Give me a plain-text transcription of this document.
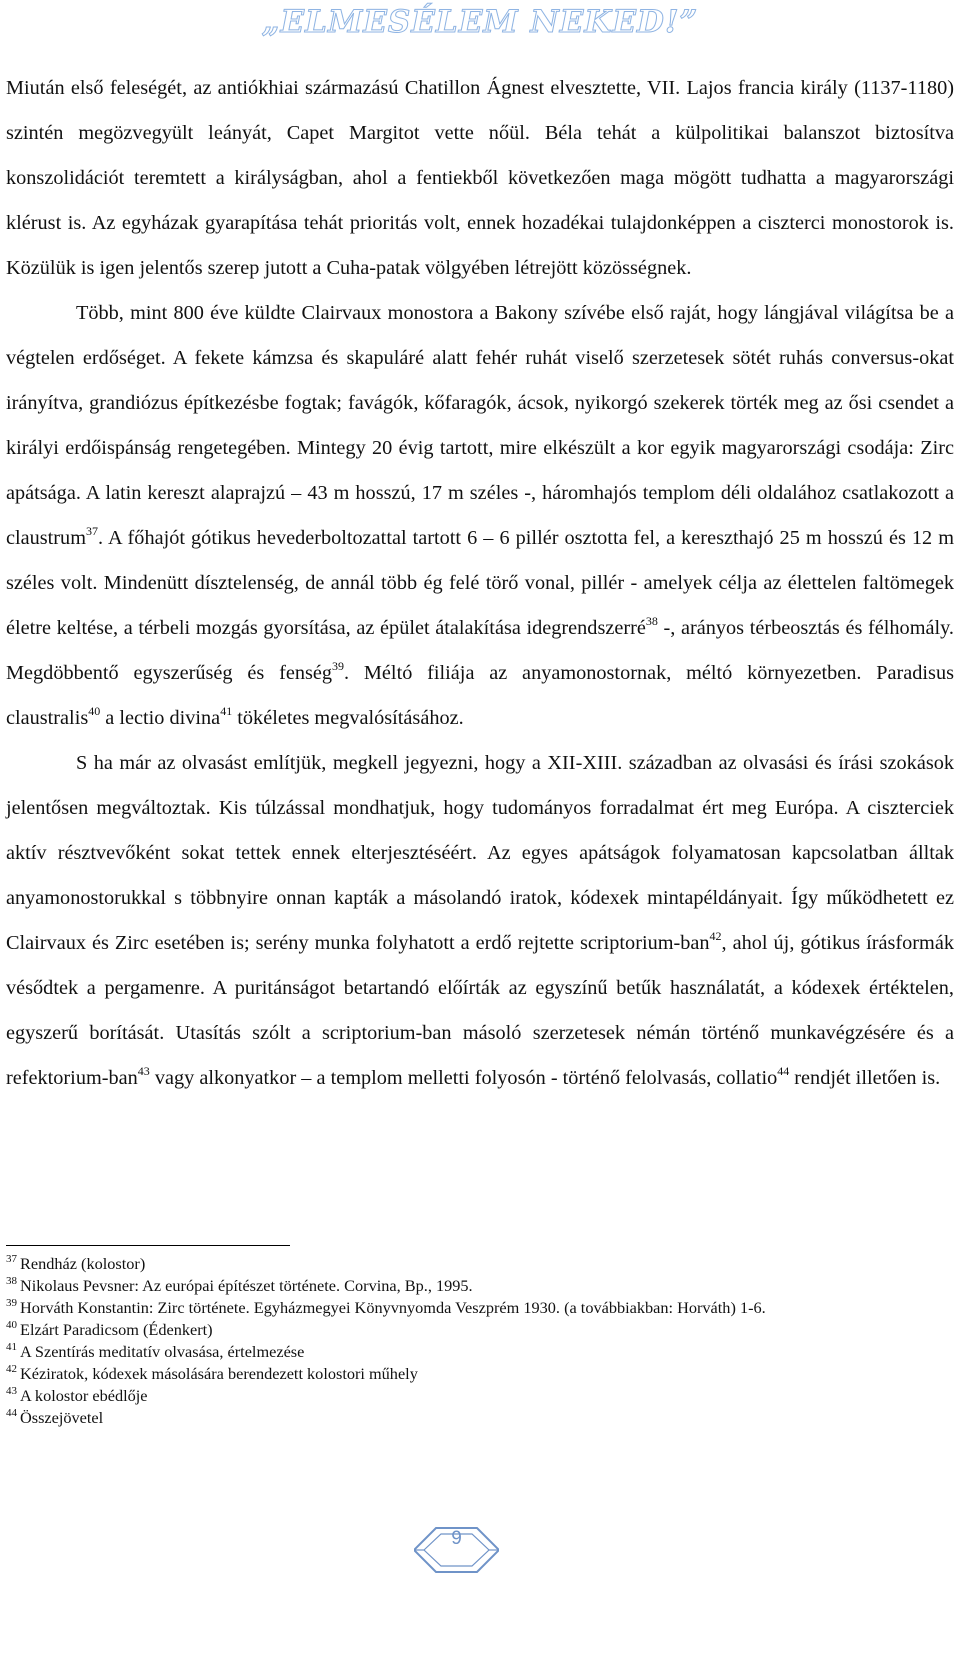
„ELMESÉLEM NEKED!”

Miután első feleségét, az antiókhiai származású Chatillon Ágnest elvesztette, VII. Lajos francia király (1137-1180) szintén megözvegyült leányát, Capet Margitot vette nőül. Béla tehát a külpolitikai balanszot biztosítva konszolidációt teremtett a királyságban, ahol a fentiekből következően maga mögött tudhatta a magyarországi klérust is. Az egyházak gyarapítása tehát prioritás volt, ennek hozadékai tulajdonképpen a ciszterci monostorok is. Közülük is igen jelentős szerep jutott a Cuha-patak völgyében létrejött közösségnek.

Több, mint 800 éve küldte Clairvaux monostora a Bakony szívébe első raját, hogy lángjával világítsa be a végtelen erdőséget. A fekete kámzsa és skapuláré alatt fehér ruhát viselő szerzetesek sötét ruhás conversus-okat irányítva, grandiózus építkezésbe fogtak; favágók, kőfaragók, ácsok, nyikorgó szekerek törték meg az ősi csendet a királyi erdőispánság rengetegében. Mintegy 20 évig tartott, mire elkészült a kor egyik magyarországi csodája: Zirc apátsága. A latin kereszt alaprajzú – 43 m hosszú, 17 m széles -, háromhajós templom déli oldalához csatlakozott a claustrum$^{37}$. A főhajót gótikus hevederboltozattal tartott 6 – 6 pillér osztotta fel, a kereszthajó 25 m hosszú és 12 m széles volt. Mindenütt dísztelenség, de annál több ég felé törő vonal, pillér - amelyek célja az élettelen faltömegek életre keltése, a térbeli mozgás gyorsítása, az épület átalakítása idegrendszerré$^{38}$ -, arányos térbeosztás és félhomály. Megdöbbentő egyszerűség és fenség$^{39}$. Méltó filiája az anyamonostornak, méltó környezetben. Paradisus claustralis$^{40}$ a lectio divina$^{41}$ tökéletes megvalósításához.

S ha már az olvasást említjük, megkell jegyezni, hogy a XII-XIII. században az olvasási és írási szokások jelentősen megváltoztak. Kis túlzással mondhatjuk, hogy tudományos forradalmat ért meg Európa. A ciszterciek aktív résztvevőként sokat tettek ennek elterjesztéséért. Az egyes apátságok folyamatosan kapcsolatban álltak anyamonostorukkal s többnyire onnan kapták a másolandó iratok, kódexek mintapéldányait. Így működhetett ez Clairvaux és Zirc esetében is; serény munka folyhatott a erdő rejtette scriptorium-ban$^{42}$, ahol új, gótikus írásformák vésődtek a pergamenre. A puritánságot betartandó előírták az egyszínű betűk használatát, a kódexek értéktelen, egyszerű borítását. Utasítás szólt a scriptorium-ban másoló szerzetesek némán történő munkavégzésére és a refektorium-ban$^{43}$ vagy alkonyatkor – a templom melletti folyosón - történő felolvasás, collatio$^{44}$ rendjét illetően is.

$^{37}$ Rendház (kolostor)
$^{38}$ Nikolaus Pevsner: Az európai építészet története. Corvina, Bp., 1995.
$^{39}$ Horváth Konstantin: Zirc története. Egyházmegyei Könyvnyomda Veszprém 1930. (a továbbiakban: Horváth) 1-6.
$^{40}$ Elzárt Paradicsom (Édenkert)
$^{41}$ A Szentírás meditatív olvasása, értelmezése
$^{42}$ Kéziratok, kódexek másolására berendezett kolostori műhely
$^{43}$ A kolostor ebédlője
$^{44}$ Összejövetel
9
